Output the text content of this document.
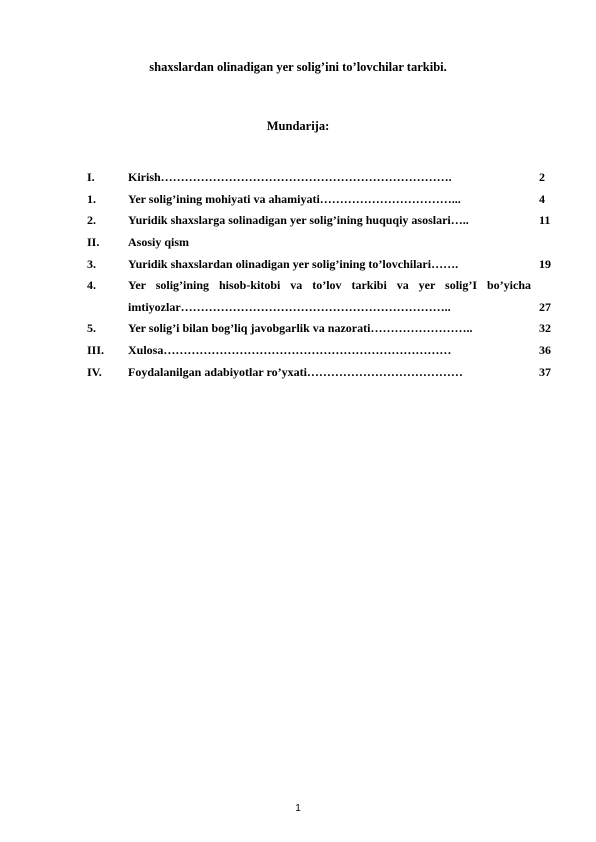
shaxslardan olinadigan yer solig’ini to’lovchilar tarkibi.
Mundarija:
I.	Kirish……………………………………………………………….	2
1.	Yer solig’ining mohiyati va ahamiyati……………………………...	4
2.	Yuridik shaxslarga solinadigan yer solig’ining huquqiy asoslari…..	11
II.	Asosiy qism
3.	Yuridik shaxslardan olinadigan yer solig’ining to’lovchilari…….	19
4.	Yer solig’ining hisob-kitobi va to’lov tarkibi va yer solig’I bo’yicha
imtiyozlar…………………………………………………………..	27
5.	Yer solig’i bilan bog’liq javobgarlik va nazorati……………………..	32
III.	Xulosa………………………………………………………………	36
IV.	Foydalanilgan adabiyotlar ro’yxati…………………………………	37
1
